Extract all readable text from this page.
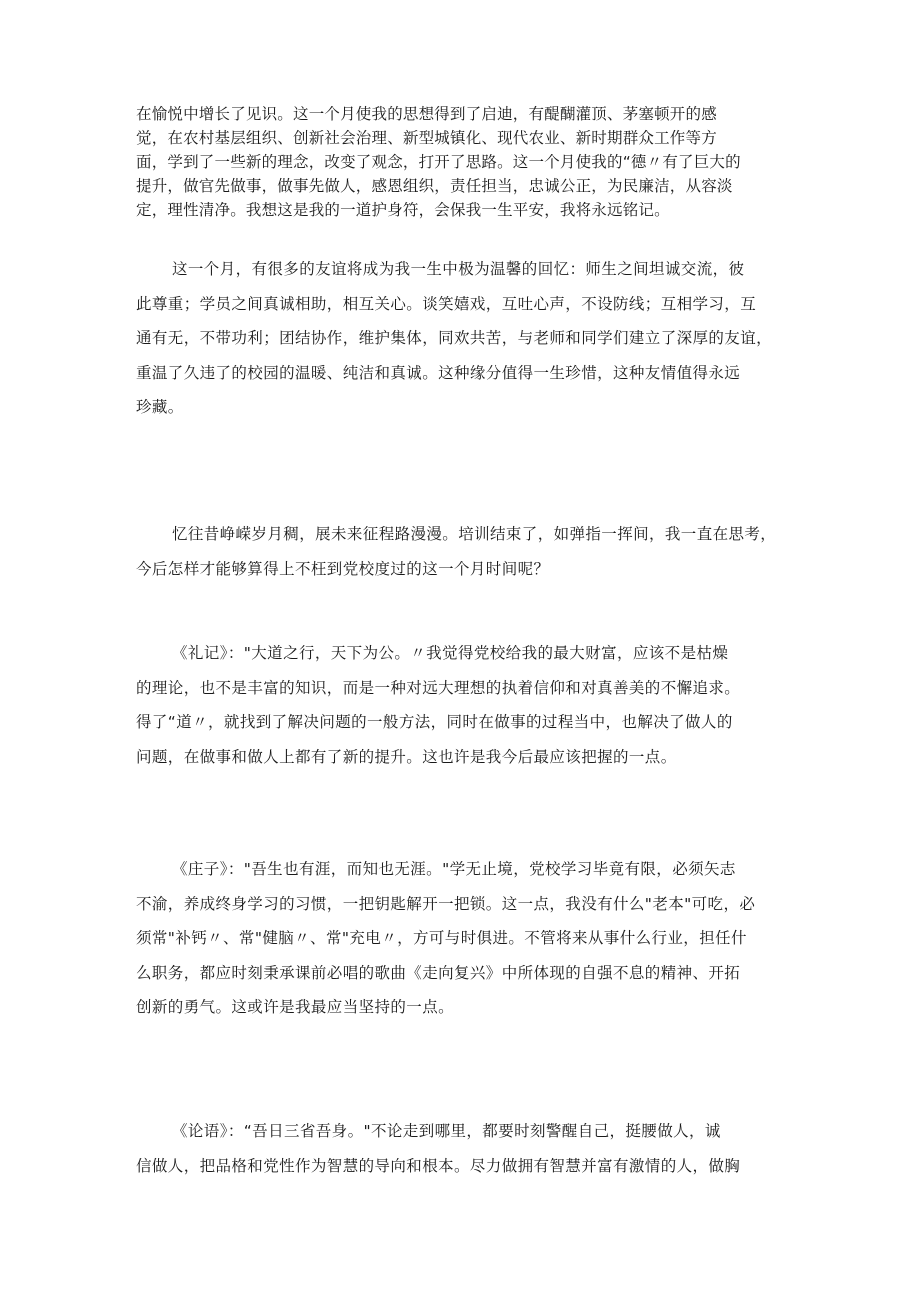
在愉悦中增长了见识。这一个月使我的思想得到了启迪，有醍醐灌顶、茅塞顿开的感
觉，在农村基层组织、创新社会治理、新型城镇化、现代农业、新时期群众工作等方
面，学到了一些新的理念，改变了观念，打开了思路。这一个月使我的“德〃有了巨大的
提升，做官先做事，做事先做人，感恩组织，责任担当，忠诚公正，为民廉洁，从容淡
定，理性清净。我想这是我的一道护身符，会保我一生平安，我将永远铭记。
这一个月，有很多的友谊将成为我一生中极为温馨的回忆：师生之间坦诚交流，彼
此尊重；学员之间真诚相助，相互关心。谈笑嬉戏，互吐心声，不设防线；互相学习，互
通有无，不带功利；团结协作，维护集体，同欢共苦，与老师和同学们建立了深厚的友谊，
重温了久违了的校园的温暖、纯洁和真诚。这种缘分值得一生珍惜，这种友情值得永远
珍藏。
忆往昔峥嵘岁月稠，展未来征程路漫漫。培训结束了，如弹指一挥间，我一直在思考，
今后怎样才能够算得上不枉到党校度过的这一个月时间呢？
《礼记》："大道之行，天下为公。〃我觉得党校给我的最大财富，应该不是枯燥
的理论，也不是丰富的知识，而是一种对远大理想的执着信仰和对真善美的不懈追求。
得了“道〃，就找到了解决问题的一般方法，同时在做事的过程当中，也解决了做人的
问题，在做事和做人上都有了新的提升。这也许是我今后最应该把握的一点。
《庄子》："吾生也有涯，而知也无涯。"学无止境，党校学习毕竟有限，必须矢志
不渝，养成终身学习的习惯，一把钥匙解开一把锁。这一点，我没有什么"老本"可吃，必
须常"补钙〃、常"健脑〃、常"充电〃，方可与时俱进。不管将来从事什么行业，担任什
么职务，都应时刻秉承课前必唱的歌曲《走向复兴》中所体现的自强不息的精神、开拓
创新的勇气。这或许是我最应当坚持的一点。
《论语》：“吾日三省吾身。"不论走到哪里，都要时刻警醒自己，挺腰做人，诚
信做人，把品格和党性作为智慧的导向和根本。尽力做拥有智慧并富有激情的人，做胸
